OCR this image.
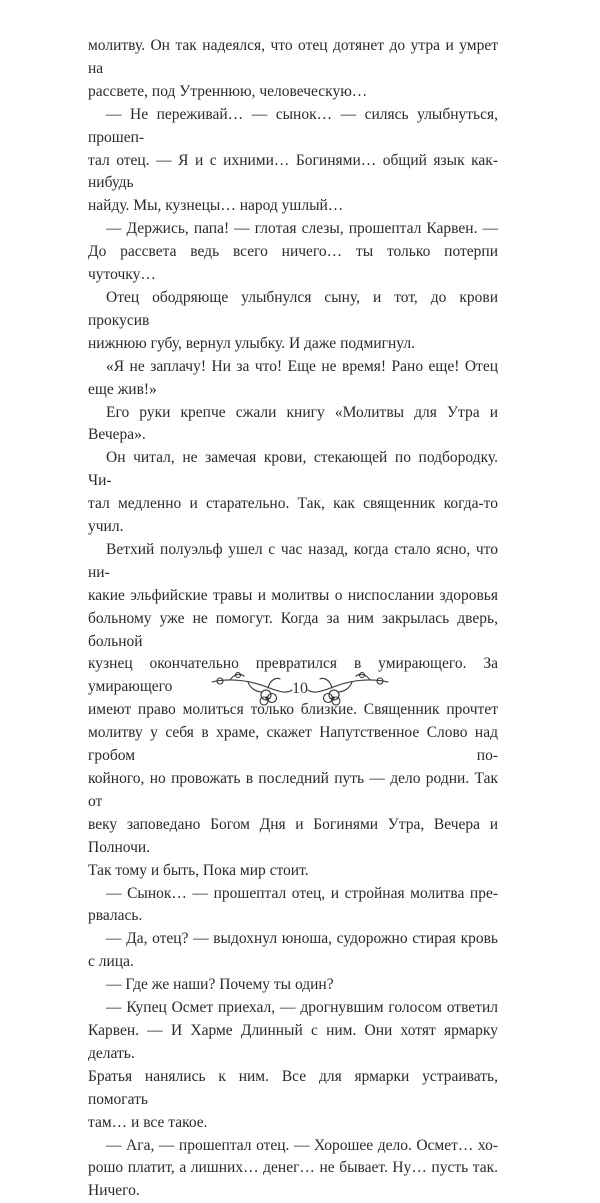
молитву. Он так надеялся, что отец дотянет до утра и умрет на

рассвете, под Утреннюю, человеческую…

— Не переживай… — сынок… — силясь улыбнуться, прошеп-

тал отец. — Я и с ихними… Богинями… общий язык как-нибудь

найду. Мы, кузнецы… народ ушлый…

— Держись, папа! — глотая слезы, прошептал Карвен. —

До рассвета ведь всего ничего… ты только потерпи чуточку…

Отец ободряюще улыбнулся сыну, и тот, до крови прокусив

нижнюю губу, вернул улыбку. И даже подмигнул.

«Я не заплачу! Ни за что! Еще не время! Рано еще! Отец

еще жив!»

Его руки крепче сжали книгу «Молитвы для Утра и Вечера».

Он читал, не замечая крови, стекающей по подбородку. Чи-

тал медленно и старательно. Так, как священник когда-то учил.

Ветхий полуэльф ушел с час назад, когда стало ясно, что ни-

какие эльфийские травы и молитвы о ниспослании здоровья

больному уже не помогут. Когда за ним закрылась дверь, больной

кузнец окончательно превратился в умирающего. За умирающего

имеют право молиться только близкие. Священник прочтет

молитву у себя в храме, скажет Напутственное Слово над гробом по-

койного, но провожать в последний путь — дело родни. Так от

веку заповедано Богом Дня и Богинями Утра, Вечера и Полночи.

Так тому и быть, Пока мир стоит.

— Сынок… — прошептал отец, и стройная молитва пре-

рвалась.

— Да, отец? — выдохнул юноша, судорожно стирая кровь

с лица.

— Где же наши? Почему ты один?

— Купец Осмет приехал, — дрогнувшим голосом ответил

Карвен. — И Харме Длинный с ним. Они хотят ярмарку делать.

Братья нанялись к ним. Все для ярмарки устраивать, помогать

там… и все такое.

— Ага, — прошептал отец. — Хорошее дело. Осмет… хо-

рошо платит, а лишних… денег… не бывает. Ну… пусть так.

Ничего.

10
